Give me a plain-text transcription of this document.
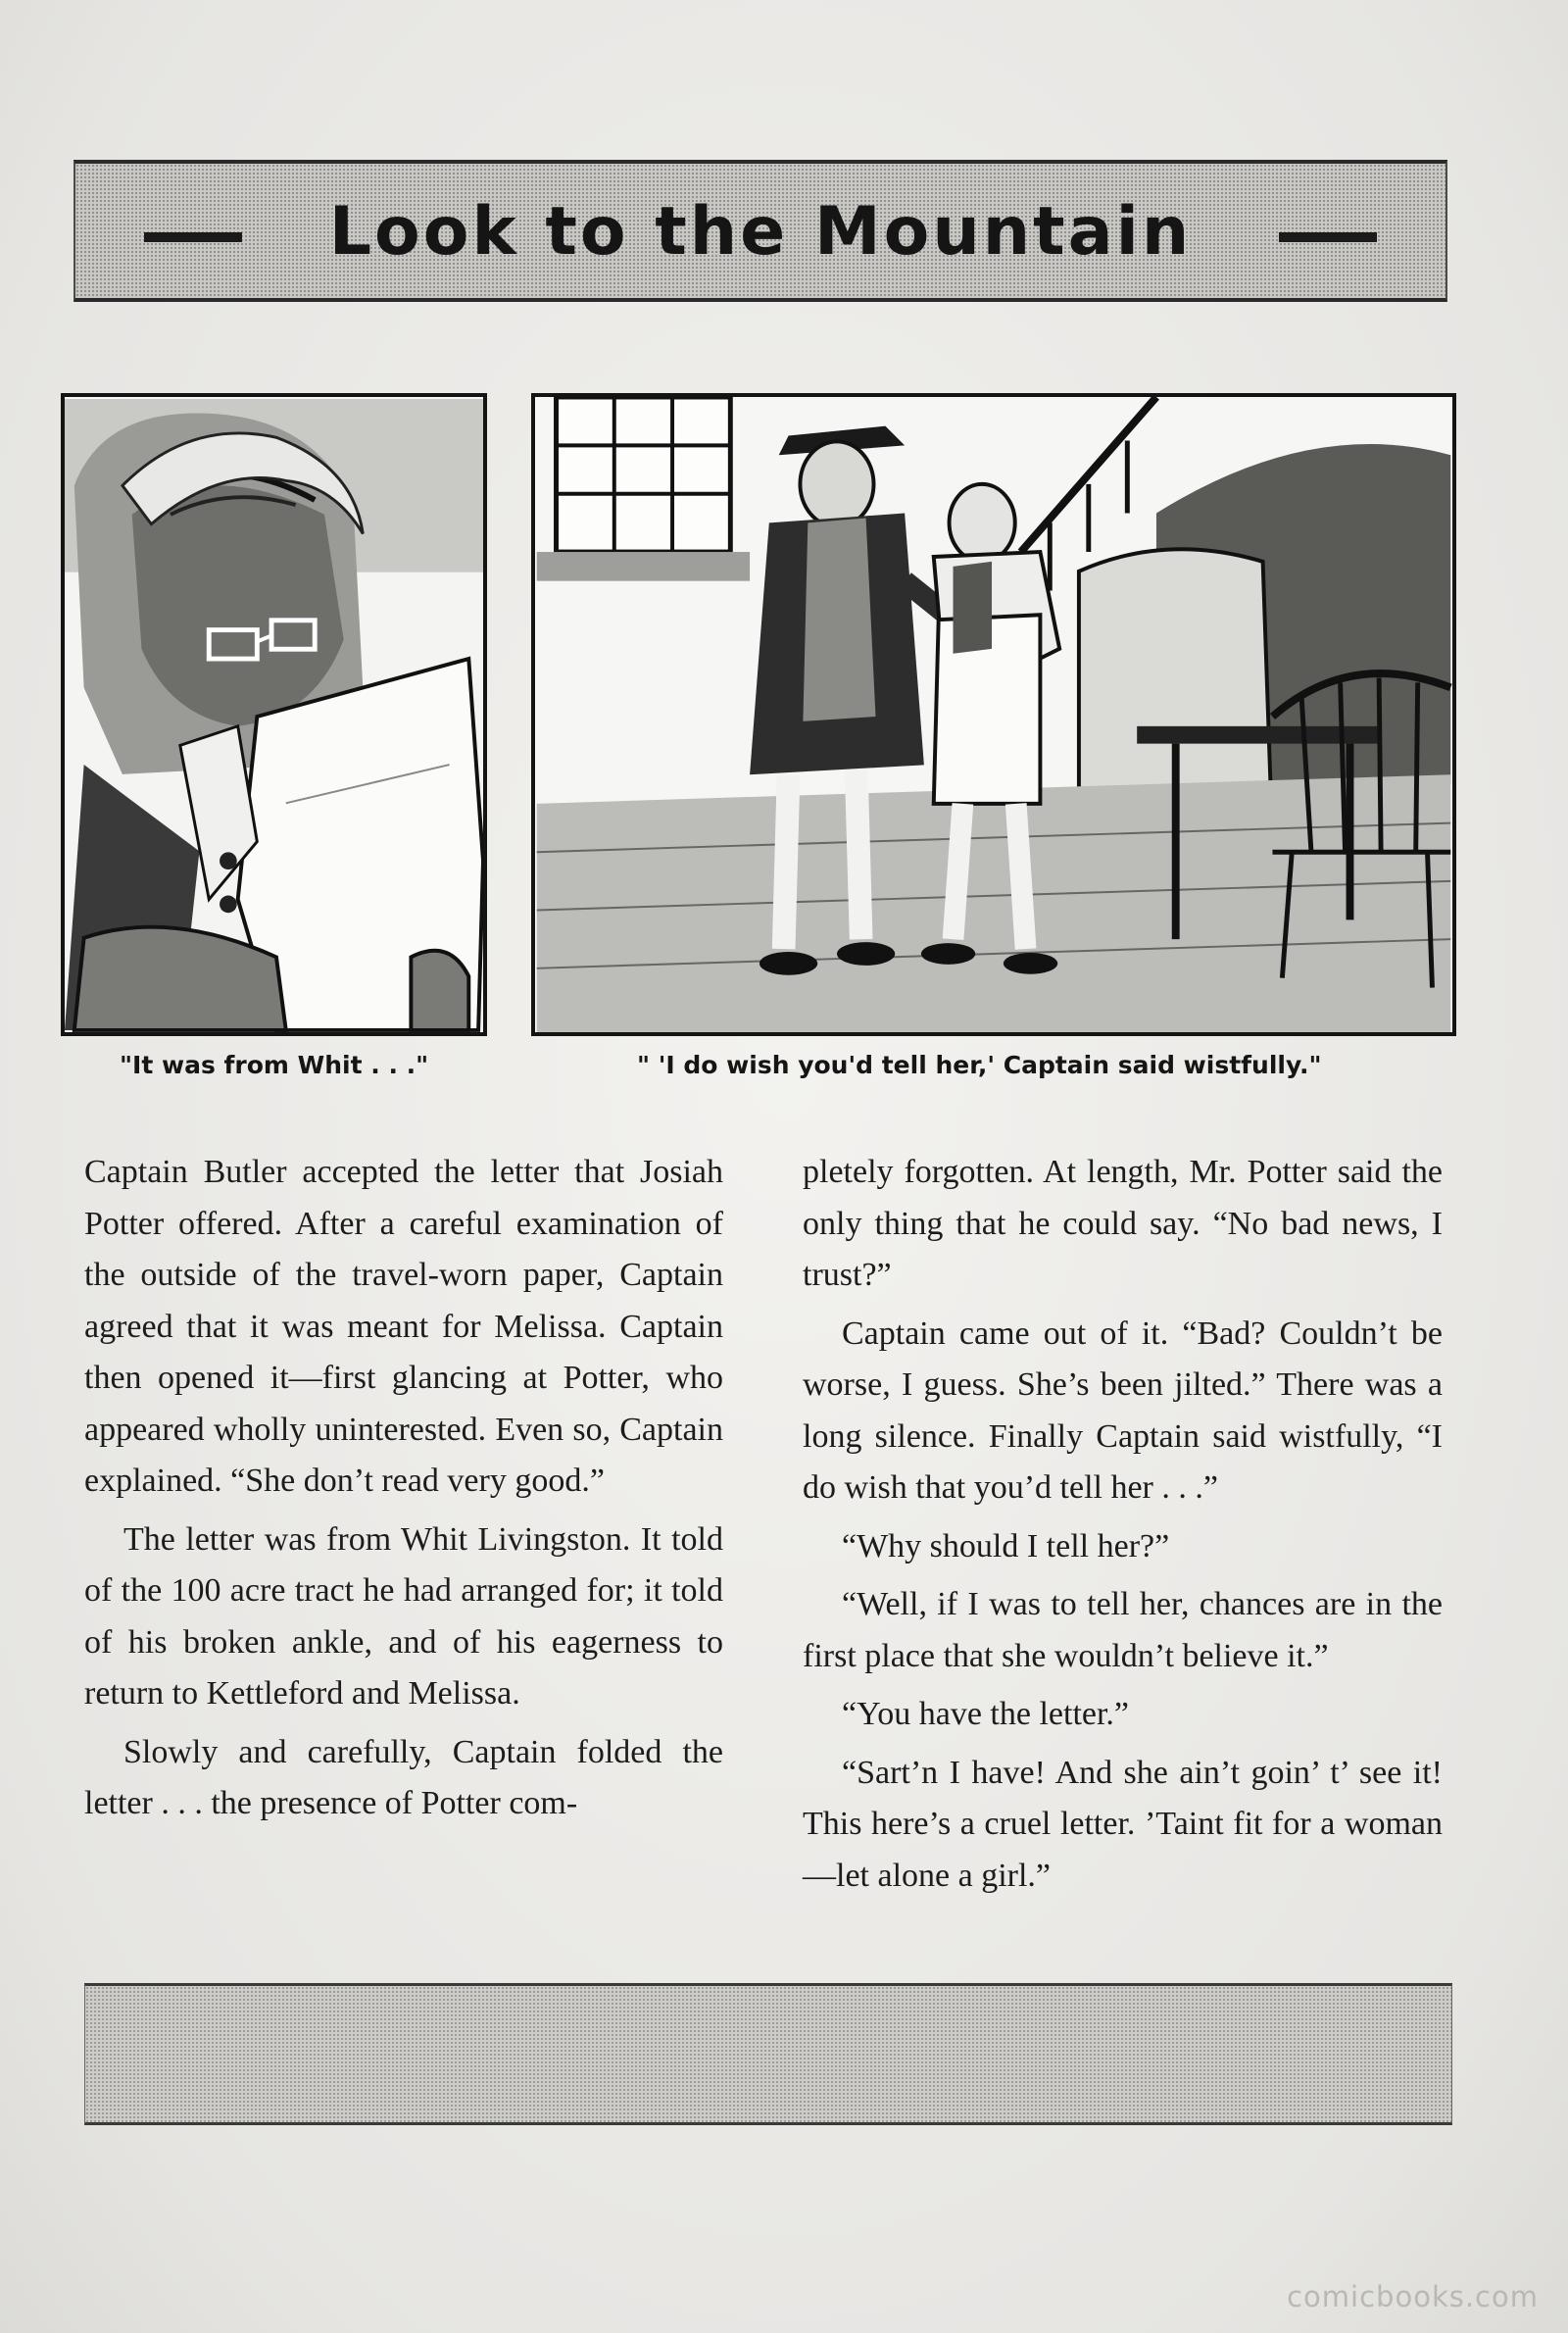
Look to the Mountain
"It was from Whit . . ."	" 'I do wish you'd tell her,' Captain said wistfully."

Captain Butler accepted the letter that Josiah Potter offered. After a careful examination of the outside of the travel-worn paper, Captain agreed that it was meant for Melissa. Captain then opened it—first glancing at Potter, who appeared wholly uninterested. Even so, Captain explained. “She don’t read very good.”

The letter was from Whit Livingston. It told of the 100 acre tract he had arranged for; it told of his broken ankle, and of his eagerness to return to Kettleford and Melissa.

Slowly and carefully, Captain folded the letter . . . the presence of Potter com-

pletely forgotten. At length, Mr. Potter said the only thing that he could say. “No bad news, I trust?”

Captain came out of it. “Bad? Couldn’t be worse, I guess. She’s been jilted.” There was a long silence. Finally Captain said wistfully, “I do wish that you’d tell her . . .”

“Why should I tell her?”

“Well, if I was to tell her, chances are in the first place that she wouldn’t believe it.”

“You have the letter.”

“Sart’n I have! And she ain’t goin’ t’ see it! This here’s a cruel letter. ’Taint fit for a woman—let alone a girl.”

comicbooks.com
